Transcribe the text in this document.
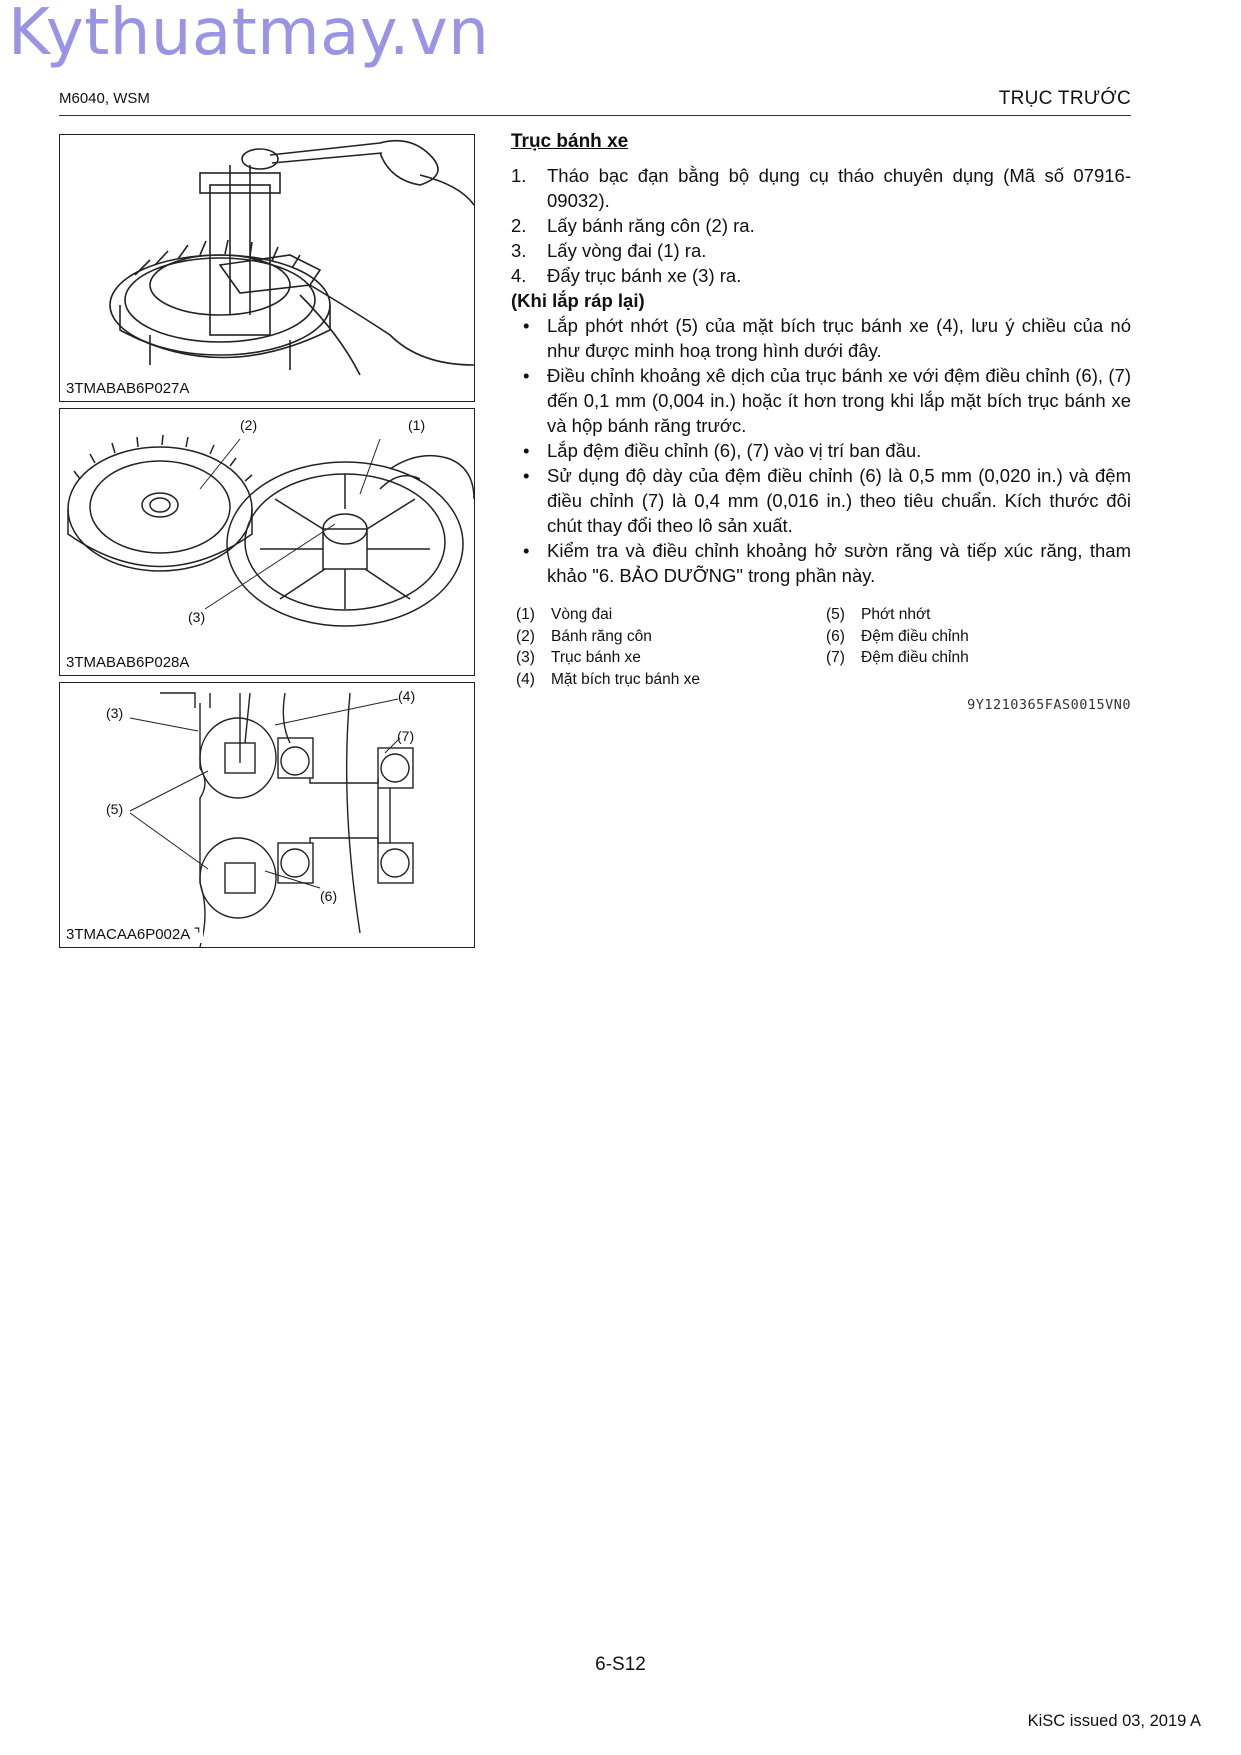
Kythuatmay.vn
M6040, WSM	TRỤC TRƯỚC
3TMABAB6P027A
(2)	(1)
(3)
3TMABAB6P028A
(3)
(4)
(7)
(5)
(6)
3TMACAA6P002A ⌝
Trục bánh xe
1. Tháo bạc đạn bằng bộ dụng cụ tháo chuyên dụng (Mã số 07916-09032).
2. Lấy bánh răng côn (2) ra.
3. Lấy vòng đai (1) ra.
4. Đẩy trục bánh xe (3) ra.
(Khi lắp ráp lại)
• Lắp phớt nhớt (5) của mặt bích trục bánh xe (4), lưu ý chiều của nó như được minh hoạ trong hình dưới đây.
• Điều chỉnh khoảng xê dịch của trục bánh xe với đệm điều chỉnh (6), (7) đến 0,1 mm (0,004 in.) hoặc ít hơn trong khi lắp mặt bích trục bánh xe và hộp bánh răng trước.
• Lắp đệm điều chỉnh (6), (7) vào vị trí ban đầu.
• Sử dụng độ dày của đệm điều chỉnh (6) là 0,5 mm (0,020 in.) và đệm điều chỉnh (7) là 0,4 mm (0,016 in.) theo tiêu chuẩn. Kích thước đôi chút thay đổi theo lô sản xuất.
• Kiểm tra và điều chỉnh khoảng hở sườn răng và tiếp xúc răng, tham khảo "6. BẢO DƯỠNG" trong phần này.
(1) Vòng đai
(2) Bánh răng côn
(3) Trục bánh xe
(4) Mặt bích trục bánh xe
(5) Phớt nhớt
(6) Đệm điều chỉnh
(7) Đệm điều chỉnh
9Y1210365FAS0015VN0
6-S12
KiSC issued 03, 2019 A
